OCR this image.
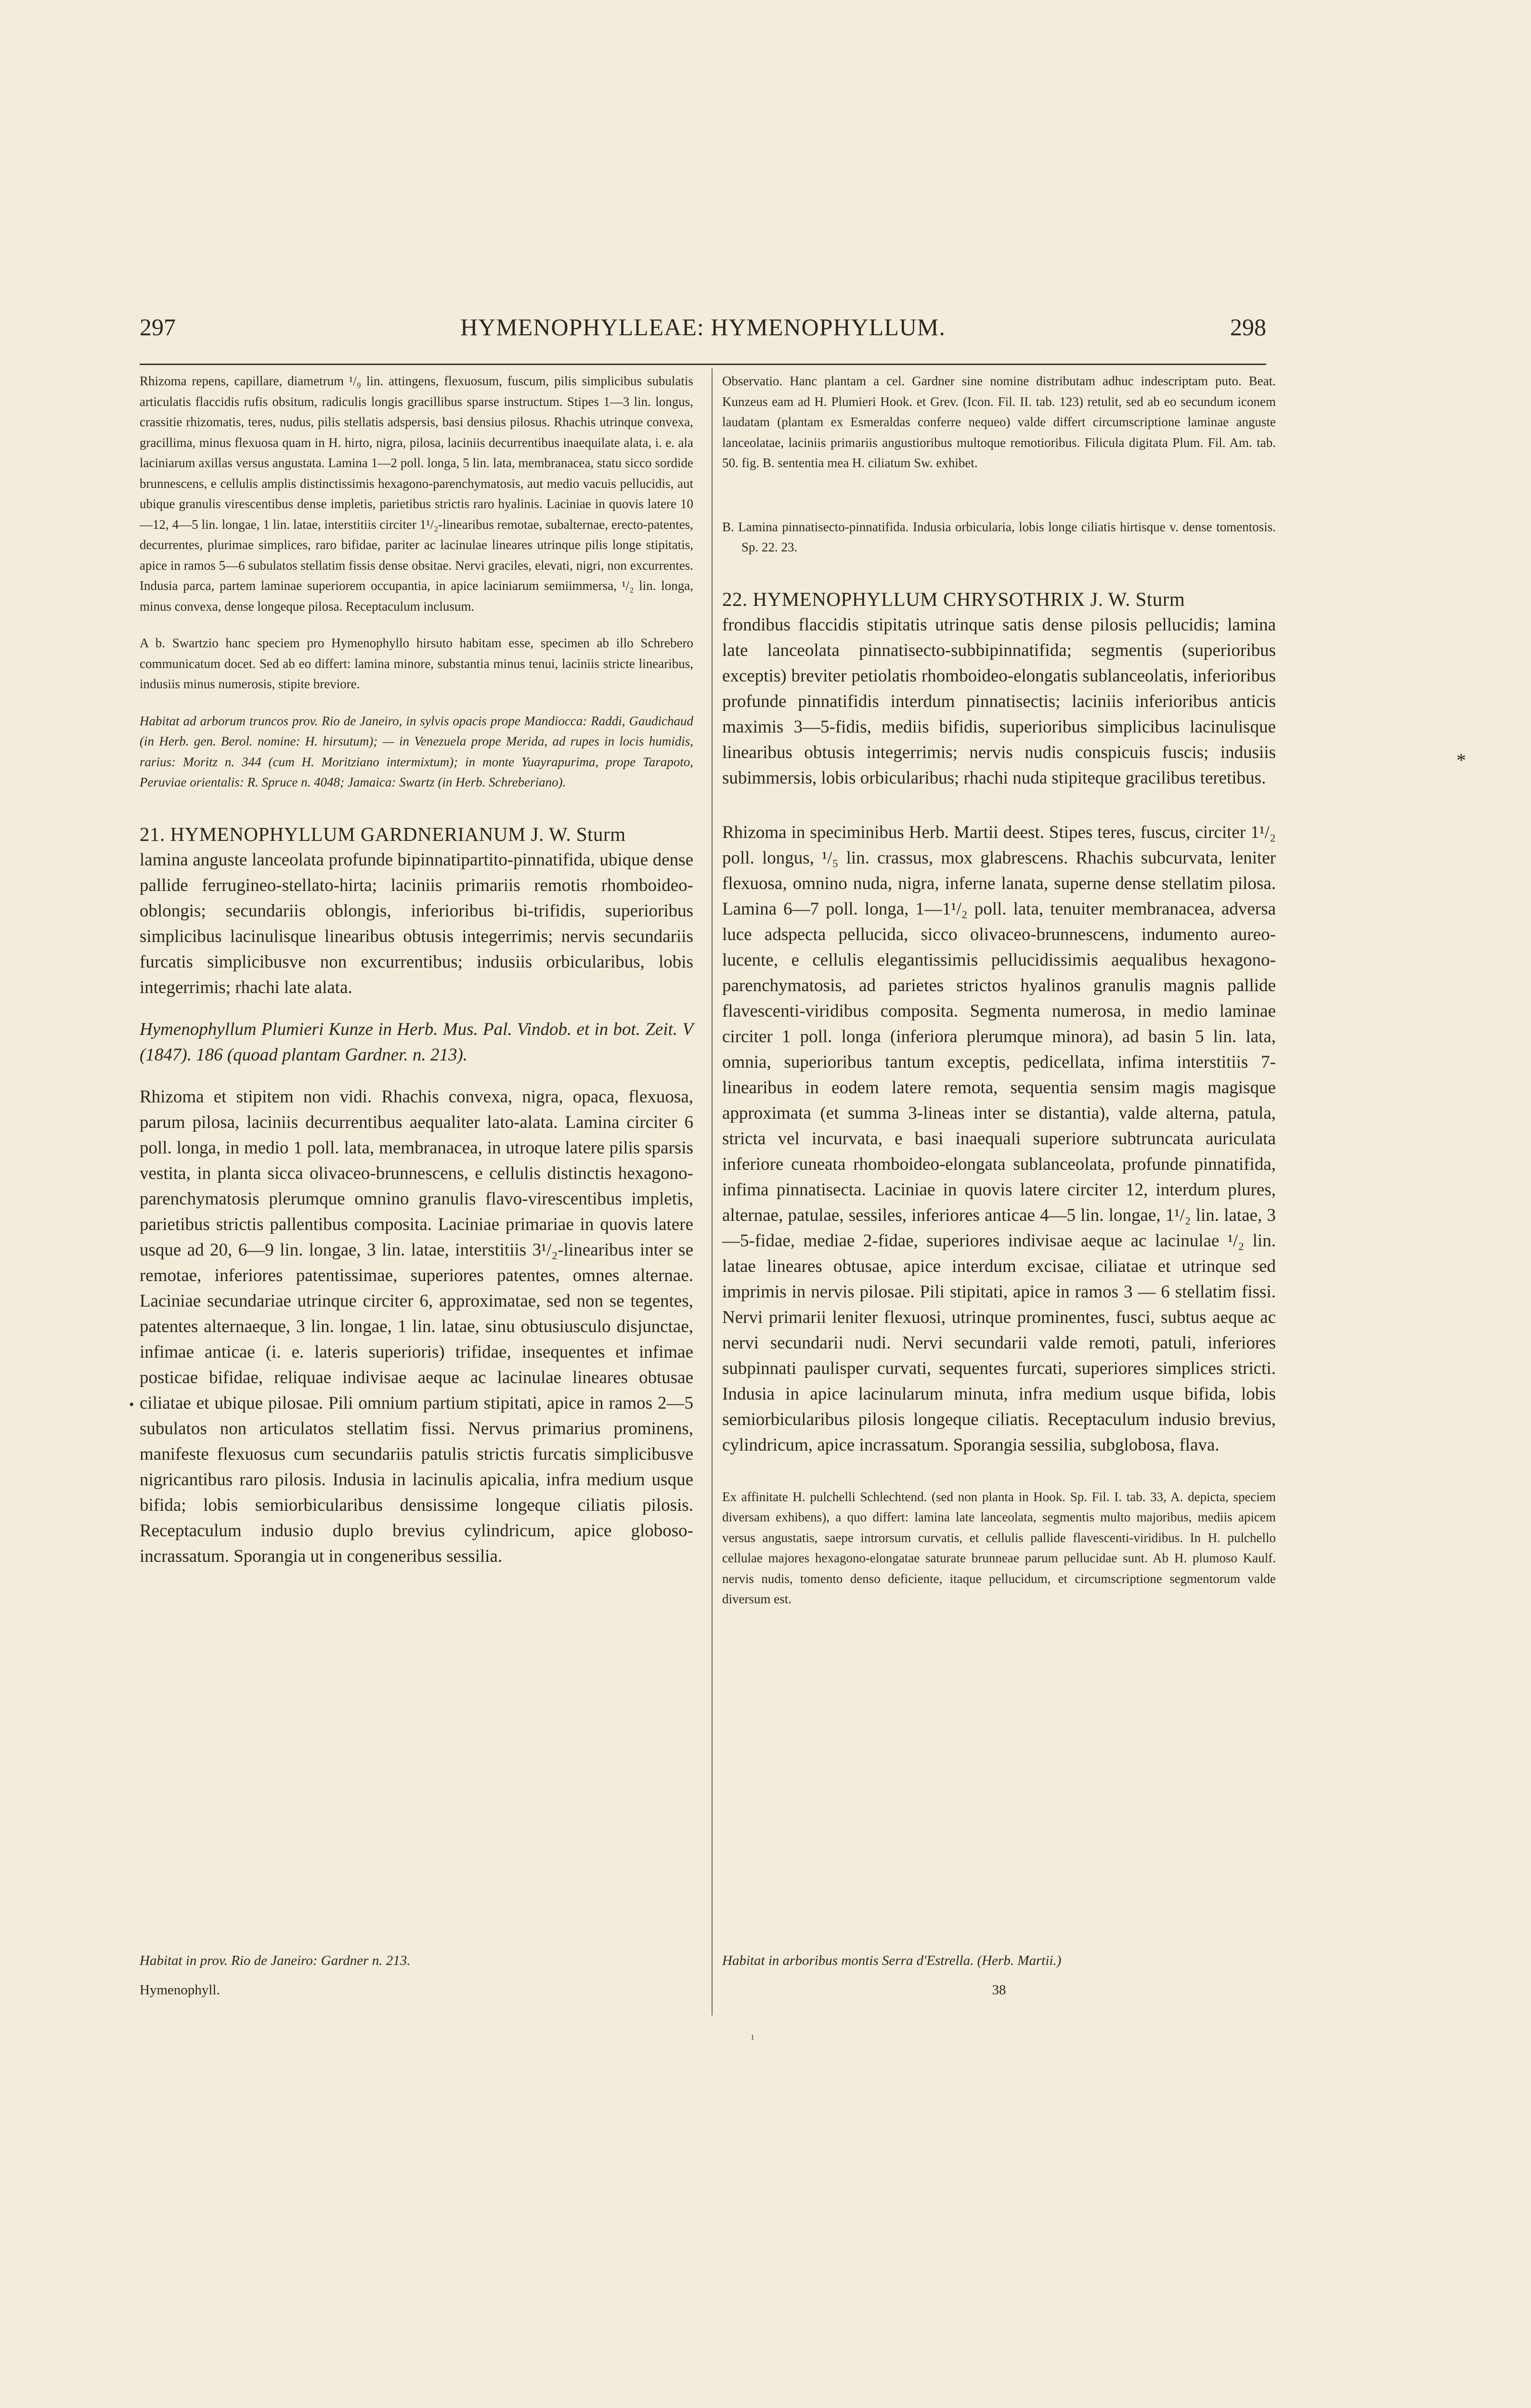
297	HYMENOPHYLLEAE: HYMENOPHYLLUM.	298

Rhizoma repens, capillare, diametrum ¹/₉ lin. attingens, flexuosum, fuscum, pilis simplicibus subulatis articulatis flaccidis rufis obsitum, radiculis longis gracillibus sparse instructum. Stipes 1—3 lin. longus, crassitie rhizomatis, teres, nudus, pilis stellatis adspersis, basi densius pilosus. Rhachis utrinque convexa, gracillima, minus flexuosa quam in H. hirto, nigra, pilosa, laciniis decurrentibus inaequilate alata, i. e. ala laciniarum axillas versus angustata. Lamina 1—2 poll. longa, 5 lin. lata, membranacea, statu sicco sordide brunnescens, e cellulis amplis distinctissimis hexagono-parenchymatosis, aut medio vacuis pellucidis, aut ubique granulis virescentibus dense impletis, parietibus strictis raro hyalinis. Laciniae in quovis latere 10—12, 4—5 lin. longae, 1 lin. latae, interstitiis circiter 1¹/₂-linearibus remotae, subalternae, erecto-patentes, decurrentes, plurimae simplices, raro bifidae, pariter ac lacinulae lineares utrinque pilis longe stipitatis, apice in ramos 5—6 subulatos stellatim fissis dense obsitae. Nervi graciles, elevati, nigri, non excurrentes. Indusia parca, partem laminae superiorem occupantia, in apice laciniarum semiimmersa, ¹/₂ lin. longa, minus convexa, dense longeque pilosa. Receptaculum inclusum.

A b. Swartzio hanc speciem pro Hymenophyllo hirsuto habitam esse, specimen ab illo Schrebero communicatum docet. Sed ab eo differt: lamina minore, substantia minus tenui, laciniis stricte linearibus, indusiis minus numerosis, stipite breviore.

Habitat ad arborum truncos prov. Rio de Janeiro, in sylvis opacis prope Mandiocca: Raddi, Gaudichaud (in Herb. gen. Berol. nomine: H. hirsutum); — in Venezuela prope Merida, ad rupes in locis humidis, rarius: Moritz n. 344 (cum H. Moritziano intermixtum); in monte Yuayrapurima, prope Tarapoto, Peruviae orientalis: R. Spruce n. 4048; Jamaica: Swartz (in Herb. Schreberiano).

21. HYMENOPHYLLUM GARDNERIANUM J. W. Sturm

lamina anguste lanceolata profunde bipinnatipartito-pinnatifida, ubique dense pallide ferrugineo-stellato-hirta; laciniis primariis remotis rhomboideo-oblongis; secundariis oblongis, inferioribus bi-trifidis, superioribus simplicibus lacinulisque linearibus obtusis integerrimis; nervis secundariis furcatis simplicibusve non excurrentibus; indusiis orbicularibus, lobis integerrimis; rhachi late alata.

Hymenophyllum Plumieri Kunze in Herb. Mus. Pal. Vindob. et in bot. Zeit. V (1847). 186 (quoad plantam Gardner. n. 213).

Rhizoma et stipitem non vidi. Rhachis convexa, nigra, opaca, flexuosa, parum pilosa, laciniis decurrentibus aequaliter lato-alata. Lamina circiter 6 poll. longa, in medio 1 poll. lata, membranacea, in utroque latere pilis sparsis vestita, in planta sicca olivaceo-brunnescens, e cellulis distinctis hexagono-parenchymatosis plerumque omnino granulis flavo-virescentibus impletis, parietibus strictis pallentibus composita. Laciniae primariae in quovis latere usque ad 20, 6—9 lin. longae, 3 lin. latae, interstitiis 3¹/₂-linearibus inter se remotae, inferiores patentissimae, superiores patentes, omnes alternae. Laciniae secundariae utrinque circiter 6, approximatae, sed non se tegentes, patentes alternaeque, 3 lin. longae, 1 lin. latae, sinu obtusiusculo disjunctae, infimae anticae (i. e. lateris superioris) trifidae, insequentes et infimae posticae bifidae, reliquae indivisae aeque ac lacinulae lineares obtusae ciliatae et ubique pilosae. Pili omnium partium stipitati, apice in ramos 2—5 subulatos non articulatos stellatim fissi. Nervus primarius prominens, manifeste flexuosus cum secundariis patulis strictis furcatis simplicibusve nigricantibus raro pilosis. Indusia in lacinulis apicalia, infra medium usque bifida; lobis semiorbicularibus densissime longeque ciliatis pilosis. Receptaculum indusio duplo brevius cylindricum, apice globoso-incrassatum. Sporangia ut in congeneribus sessilia.

Observatio. Hanc plantam a cel. Gardner sine nomine distributam adhuc indescriptam puto. Beat. Kunzeus eam ad H. Plumieri Hook. et Grev. (Icon. Fil. II. tab. 123) retulit, sed ab eo secundum iconem laudatam (plantam ex Esmeraldas conferre nequeo) valde differt circumscriptione laminae anguste lanceolatae, laciniis primariis angustioribus multoque remotioribus. Filicula digitata Plum. Fil. Am. tab. 50. fig. B. sententia mea H. ciliatum Sw. exhibet.

B. Lamina pinnatisecto-pinnatifida. Indusia orbicularia, lobis longe ciliatis hirtisque v. dense tomentosis. Sp. 22. 23.

22. HYMENOPHYLLUM CHRYSOTHRIX J. W. Sturm

frondibus flaccidis stipitatis utrinque satis dense pilosis pellucidis; lamina late lanceolata pinnatisecto-subbipinnatifida; segmentis (superioribus exceptis) breviter petiolatis rhomboideo-elongatis sublanceolatis, inferioribus profunde pinnatifidis interdum pinnatisectis; laciniis inferioribus anticis maximis 3—5-fidis, mediis bifidis, superioribus simplicibus lacinulisque linearibus obtusis integerrimis; nervis nudis conspicuis fuscis; indusiis subimmersis, lobis orbicularibus; rhachi nuda stipiteque gracilibus teretibus.

Rhizoma in speciminibus Herb. Martii deest. Stipes teres, fuscus, circiter 1¹/₂ poll. longus, ¹/₅ lin. crassus, mox glabrescens. Rhachis subcurvata, leniter flexuosa, omnino nuda, nigra, inferne lanata, superne dense stellatim pilosa. Lamina 6—7 poll. longa, 1—1¹/₂ poll. lata, tenuiter membranacea, adversa luce adspecta pellucida, sicco olivaceo-brunnescens, indumento aureo-lucente, e cellulis elegantissimis pellucidissimis aequalibus hexagono-parenchymatosis, ad parietes strictos hyalinos granulis magnis pallide flavescenti-viridibus composita. Segmenta numerosa, in medio laminae circiter 1 poll. longa (inferiora plerumque minora), ad basin 5 lin. lata, omnia, superioribus tantum exceptis, pedicellata, infima interstitiis 7-linearibus in eodem latere remota, sequentia sensim magis magisque approximata (et summa 3-lineas inter se distantia), valde alterna, patula, stricta vel incurvata, e basi inaequali superiore subtruncata auriculata inferiore cuneata rhomboideo-elongata sublanceolata, profunde pinnatifida, infima pinnatisecta. Laciniae in quovis latere circiter 12, interdum plures, alternae, patulae, sessiles, inferiores anticae 4—5 lin. longae, 1¹/₂ lin. latae, 3—5-fidae, mediae 2-fidae, superiores indivisae aeque ac lacinulae ¹/₂ lin. latae lineares obtusae, apice interdum excisae, ciliatae et utrinque sed imprimis in nervis pilosae. Pili stipitati, apice in ramos 3 — 6 stellatim fissi. Nervi primarii leniter flexuosi, utrinque prominentes, fusci, subtus aeque ac nervi secundarii nudi. Nervi secundarii valde remoti, patuli, inferiores subpinnati paulisper curvati, sequentes furcati, superiores simplices stricti. Indusia in apice lacinularum minuta, infra medium usque bifida, lobis semiorbicularibus pilosis longeque ciliatis. Receptaculum indusio brevius, cylindricum, apice incrassatum. Sporangia sessilia, subglobosa, flava.

Ex affinitate H. pulchelli Schlechtend. (sed non planta in Hook. Sp. Fil. I. tab. 33, A. depicta, speciem diversam exhibens), a quo differt: lamina late lanceolata, segmentis multo majoribus, mediis apicem versus angustatis, saepe introrsum curvatis, et cellulis pallide flavescenti-viridibus. In H. pulchello cellulae majores hexagono-elongatae saturate brunneae parum pellucidae sunt. Ab H. plumoso Kaulf. nervis nudis, tomento denso deficiente, itaque pellucidum, et circumscriptione segmentorum valde diversum est.

Habitat in prov. Rio de Janeiro: Gardner n. 213.

Hymenophyll.

Habitat in arboribus montis Serra d'Estrella. (Herb. Martii.)

38

*
•
ı
